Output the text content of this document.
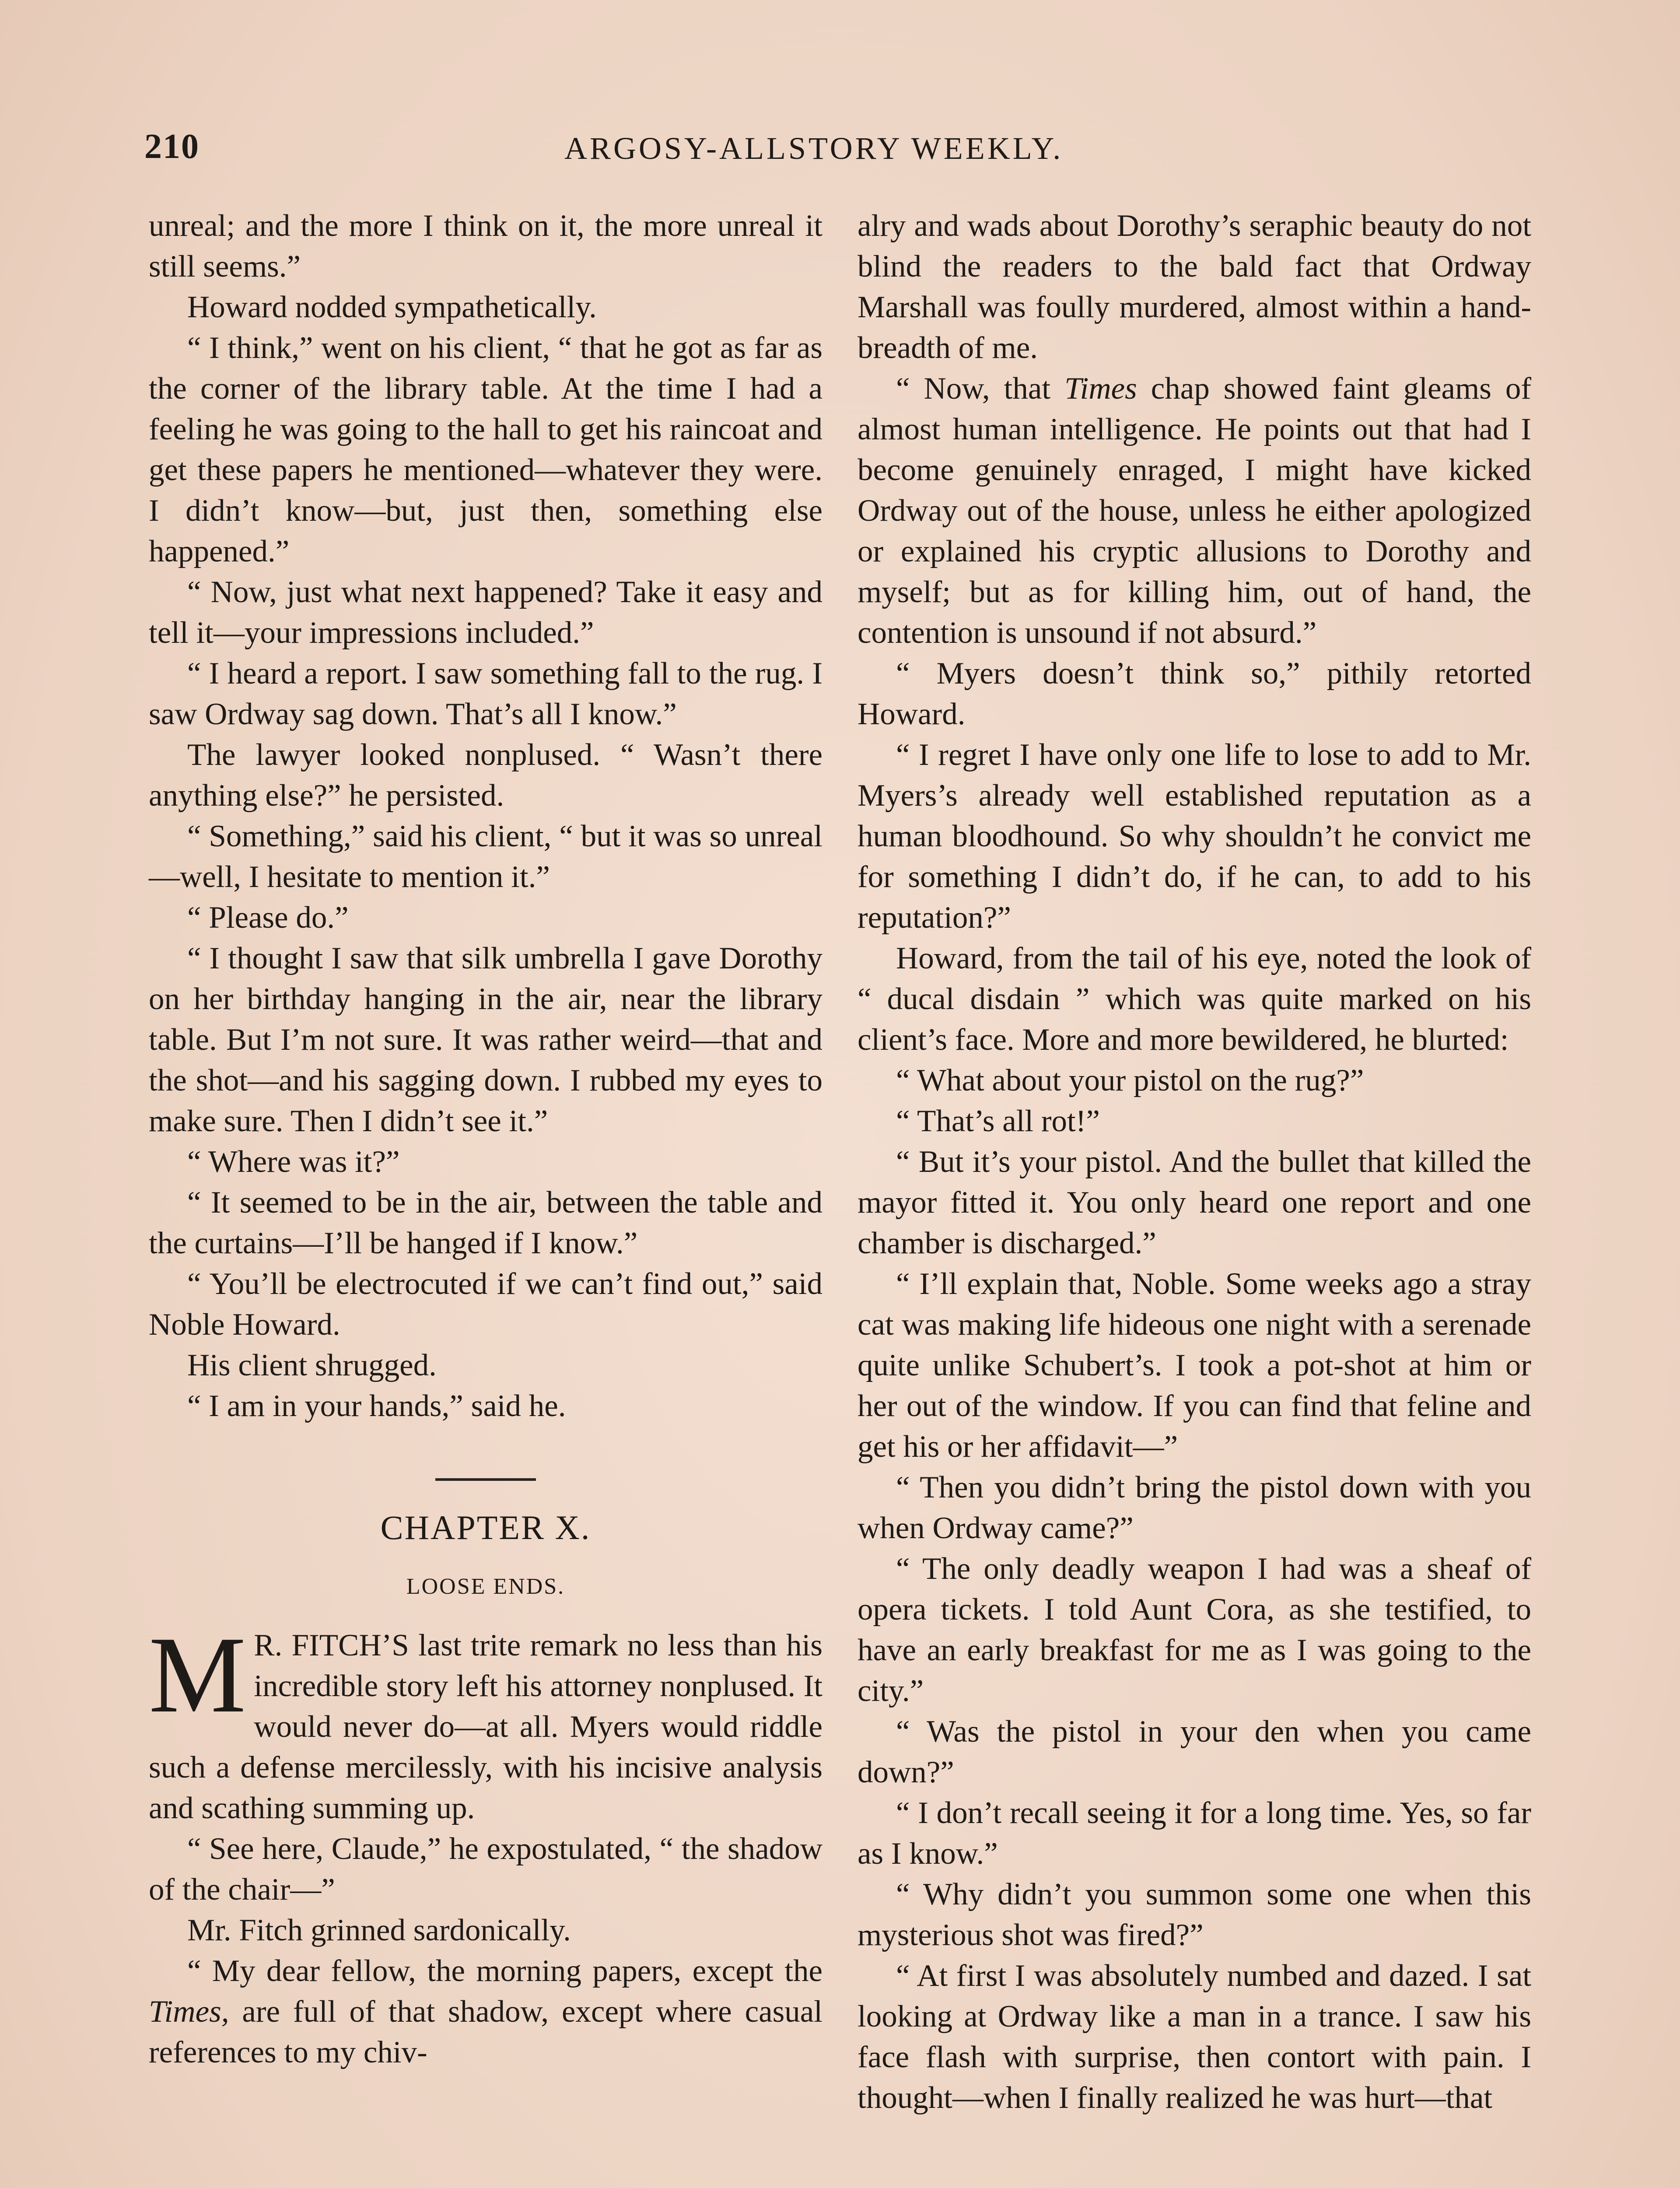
210	ARGOSY-ALLSTORY WEEKLY.

unreal; and the more I think on it, the more unreal it still seems.”

Howard nodded sympathetically.

“ I think,” went on his client, “ that he got as far as the corner of the library table. At the time I had a feeling he was going to the hall to get his raincoat and get these papers he mentioned—whatever they were. I didn’t know—but, just then, something else happened.”

“ Now, just what next happened? Take it easy and tell it—your impressions included.”

“ I heard a report. I saw something fall to the rug. I saw Ordway sag down. That’s all I know.”

The lawyer looked nonplused. “ Wasn’t there anything else?” he persisted.

“ Something,” said his client, “ but it was so unreal—well, I hesitate to mention it.”

“ Please do.”

“ I thought I saw that silk umbrella I gave Dorothy on her birthday hanging in the air, near the library table. But I’m not sure. It was rather weird—that and the shot—and his sagging down. I rubbed my eyes to make sure. Then I didn’t see it.”

“ Where was it?”

“ It seemed to be in the air, between the table and the curtains—I’ll be hanged if I know.”

“ You’ll be electrocuted if we can’t find out,” said Noble Howard.

His client shrugged.

“ I am in your hands,” said he.

CHAPTER X.
LOOSE ENDS.

M R. FITCH’S last trite remark no less than his incredible story left his attorney nonplused. It would never do—at all. Myers would riddle such a defense mercilessly, with his incisive analysis and scathing summing up.

“ See here, Claude,” he expostulated, “ the shadow of the chair—”

Mr. Fitch grinned sardonically.

“ My dear fellow, the morning papers, except the Times, are full of that shadow, except where casual references to my chiv-

alry and wads about Dorothy’s seraphic beauty do not blind the readers to the bald fact that Ordway Marshall was foully murdered, almost within a hand-breadth of me.

“ Now, that Times chap showed faint gleams of almost human intelligence. He points out that had I become genuinely enraged, I might have kicked Ordway out of the house, unless he either apologized or explained his cryptic allusions to Dorothy and myself; but as for killing him, out of hand, the contention is unsound if not absurd.”

“ Myers doesn’t think so,” pithily retorted Howard.

“ I regret I have only one life to lose to add to Mr. Myers’s already well established reputation as a human bloodhound. So why shouldn’t he convict me for something I didn’t do, if he can, to add to his reputation?”

Howard, from the tail of his eye, noted the look of “ ducal disdain ” which was quite marked on his client’s face. More and more bewildered, he blurted:

“ What about your pistol on the rug?”

“ That’s all rot!”

“ But it’s your pistol. And the bullet that killed the mayor fitted it. You only heard one report and one chamber is discharged.”

“ I’ll explain that, Noble. Some weeks ago a stray cat was making life hideous one night with a serenade quite unlike Schubert’s. I took a pot-shot at him or her out of the window. If you can find that feline and get his or her affidavit—”

“ Then you didn’t bring the pistol down with you when Ordway came?”

“ The only deadly weapon I had was a sheaf of opera tickets. I told Aunt Cora, as she testified, to have an early breakfast for me as I was going to the city.”

“ Was the pistol in your den when you came down?”

“ I don’t recall seeing it for a long time. Yes, so far as I know.”

“ Why didn’t you summon some one when this mysterious shot was fired?”

“ At first I was absolutely numbed and dazed. I sat looking at Ordway like a man in a trance. I saw his face flash with surprise, then contort with pain. I thought—when I finally realized he was hurt—that
